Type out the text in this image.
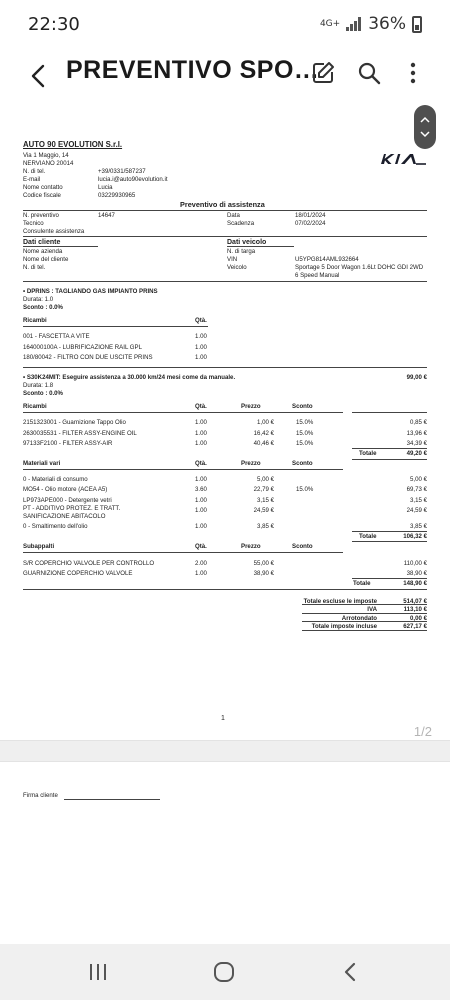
22:30	4G+ 36%
PREVENTIVO SPO…
AUTO 90 EVOLUTION S.r.l.
Via 1 Maggio, 14
NERVIANO 20014
N. di tel.	+39/0331/587237
E-mail	lucia.i@auto90evolution.it
Nome contatto	Lucia
Codice fiscale	03229930965
Preventivo di assistenza
N. preventivo	14647	Data	18/01/2024
Tecnico	Scadenza	07/02/2024
Consulente assistenza
Dati cliente	Dati veicolo
Nome azienda
Nome del cliente
N. di tel.
N. di targa
VIN	U5YPG814AML932664
Veicolo	Sportage 5 Door Wagon 1.6Lt DOHC GDI 2WD
6 Speed Manual
• DPRINS : TAGLIANDO GAS IMPIANTO PRINS
Durata: 1.0
Sconto : 0.0%
Ricambi	Qtà.
001 - FASCETTA A VITE	1.00
164000100A - LUBRIFICAZIONE RAIL GPL	1.00
180/80042 - FILTRO CON DUE USCITE PRINS	1.00
• S30K24MIT: Eseguire assistenza a 30.000 km/24 mesi come da manuale.	99,00 €
Durata: 1.8
Sconto : 0.0%
Ricambi	Qtà.	Prezzo	Sconto
2151323001 - Guarnizione Tappo Olio	1.00	1,00 €	15.0%	0,85 €
2630035531 - FILTER ASSY-ENGINE OIL	1.00	16,42 €	15.0%	13,96 €
97133F2100 - FILTER ASSY-AIR	1.00	40,46 €	15.0%	34,39 €
Totale	49,20 €
Materiali vari	Qtà.	Prezzo	Sconto
0 - Materiali di consumo	1.00	5,00 €	5,00 €
MO54 - Olio motore (ACEA A5)	3.60	22,79 €	15.0%	69,73 €
LP973APE000 - Detergente vetri	1.00	3,15 €	3,15 €
PT - ADDITIVO PROTEZ. E TRATT.
SANIFICAZIONE ABITACOLO
1.00	24,59 €	24,59 €
0 - Smaltimento dell'olio	1.00	3,85 €	3,85 €
Totale	106,32 €
Subappalti	Qtà.	Prezzo	Sconto
S/R COPERCHIO VALVOLE PER CONTROLLO	2.00	55,00 €	110,00 €
GUARNIZIONE COPERCHIO VALVOLE	1.00	38,90 €	38,90 €
Totale	148,90 €
Totale escluse le imposte	514,07 €
IVA	113,10 €
Arrotondato	0,00 €
Totale imposte incluse	627,17 €
1
1/2
Firma cliente
